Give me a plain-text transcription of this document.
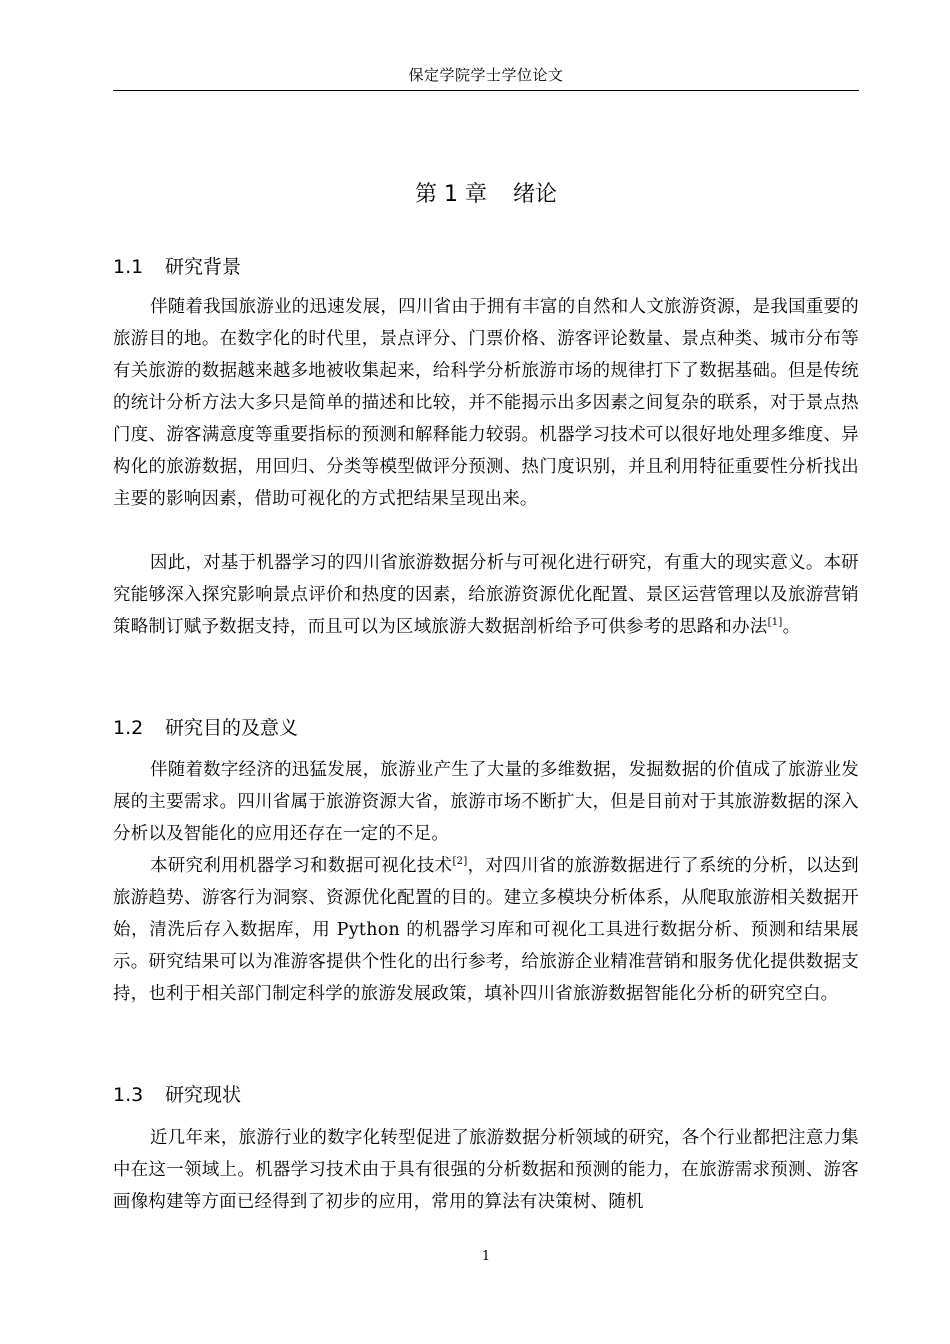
保定学院学士学位论文
第 1 章 绪论
1.1 研究背景

伴随着我国旅游业的迅速发展，四川省由于拥有丰富的自然和人文旅游资源，是我国重要的旅游目的地。在数字化的时代里，景点评分、门票价格、游客评论数量、景点种类、城市分布等有关旅游的数据越来越多地被收集起来，给科学分析旅游市场的规律打下了数据基础。但是传统的统计分析方法大多只是简单的描述和比较，并不能揭示出多因素之间复杂的联系，对于景点热门度、游客满意度等重要指标的预测和解释能力较弱。机器学习技术可以很好地处理多维度、异构化的旅游数据，用回归、分类等模型做评分预测、热门度识别，并且利用特征重要性分析找出主要的影响因素，借助可视化的方式把结果呈现出来。

因此，对基于机器学习的四川省旅游数据分析与可视化进行研究，有重大的现实意义。本研究能够深入探究影响景点评价和热度的因素，给旅游资源优化配置、景区运营管理以及旅游营销策略制订赋予数据支持，而且可以为区域旅游大数据剖析给予可供参考的思路和办法[1]。

1.2 研究目的及意义

伴随着数字经济的迅猛发展，旅游业产生了大量的多维数据，发掘数据的价值成了旅游业发展的主要需求。四川省属于旅游资源大省，旅游市场不断扩大，但是目前对于其旅游数据的深入分析以及智能化的应用还存在一定的不足。

本研究利用机器学习和数据可视化技术[2]，对四川省的旅游数据进行了系统的分析，以达到旅游趋势、游客行为洞察、资源优化配置的目的。建立多模块分析体系，从爬取旅游相关数据开始，清洗后存入数据库，用 Python 的机器学习库和可视化工具进行数据分析、预测和结果展示。研究结果可以为准游客提供个性化的出行参考，给旅游企业精准营销和服务优化提供数据支持，也利于相关部门制定科学的旅游发展政策，填补四川省旅游数据智能化分析的研究空白。

1.3 研究现状

近几年来，旅游行业的数字化转型促进了旅游数据分析领域的研究，各个行业都把注意力集中在这一领域上。机器学习技术由于具有很强的分析数据和预测的能力，在旅游需求预测、游客画像构建等方面已经得到了初步的应用，常用的算法有决策树、随机

1
